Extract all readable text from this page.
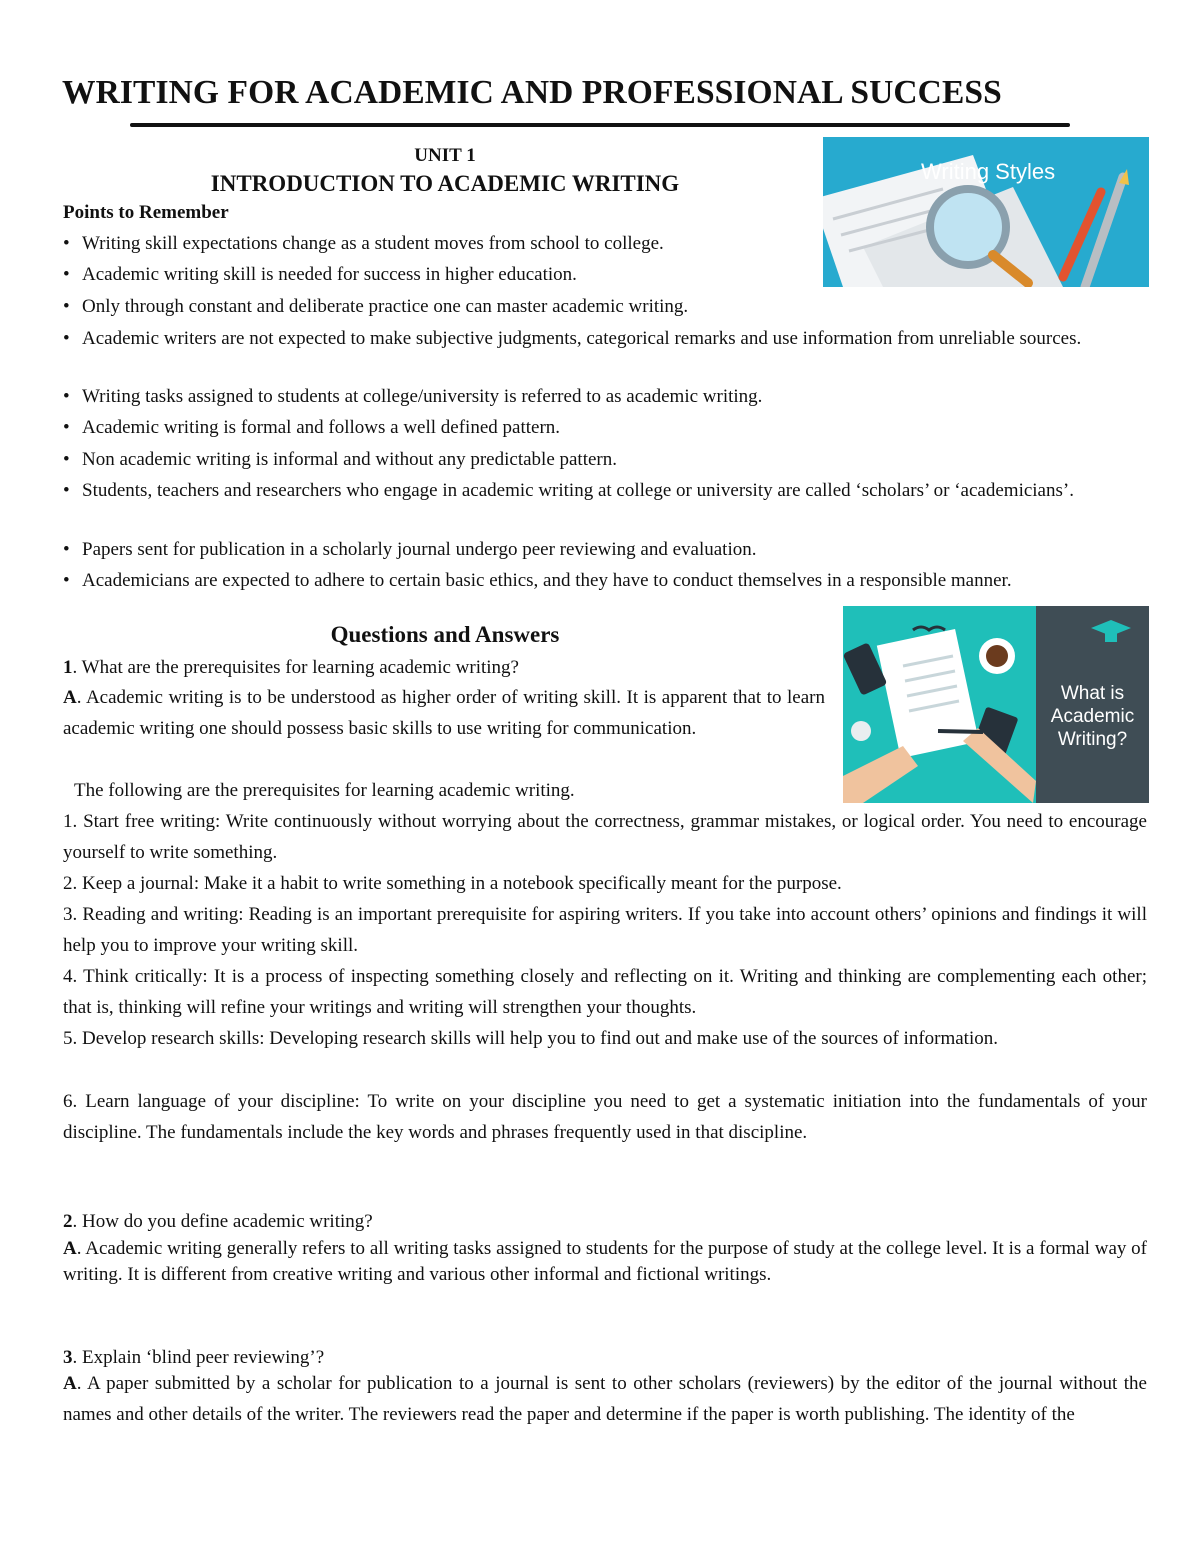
WRITING FOR ACADEMIC AND PROFESSIONAL SUCCESS
UNIT 1
INTRODUCTION TO ACADEMIC WRITING
Points to Remember
• Writing skill expectations change as a student moves from school to college.
• Academic writing skill is needed for success in higher education.
• Only through constant and deliberate practice one can master academic writing.
• Academic writers are not expected to make subjective judgments, categorical remarks and use information from unreliable sources.
• Writing tasks assigned to students at college/university is referred to as academic writing.
• Academic writing is formal and follows a well defined pattern.
• Non academic writing is informal and without any predictable pattern.
• Students, teachers and researchers who engage in academic writing at college or university are called ‘scholars’ or ‘academicians’.
• Papers sent for publication in a scholarly journal undergo peer reviewing and evaluation.
• Academicians are expected to adhere to certain basic ethics, and they have to conduct themselves in a responsible manner.
Questions and Answers
1. What are the prerequisites for learning academic writing?
A. Academic writing is to be understood as higher order of writing skill. It is apparent that to learn academic writing one should possess basic skills to use writing for communication.
The following are the prerequisites for learning academic writing.
1. Start free writing: Write continuously without worrying about the correctness, grammar mistakes, or logical order. You need to encourage yourself to write something.
2. Keep a journal: Make it a habit to write something in a notebook specifically meant for the purpose.
3. Reading and writing: Reading is an important prerequisite for aspiring writers. If you take into account others’ opinions and findings it will help you to improve your writing skill.
4. Think critically: It is a process of inspecting something closely and reflecting on it. Writing and thinking are complementing each other; that is, thinking will refine your writings and writing will strengthen your thoughts.
5. Develop research skills: Developing research skills will help you to find out and make use of the sources of information.
6. Learn language of your discipline: To write on your discipline you need to get a systematic initiation into the fundamentals of your discipline. The fundamentals include the key words and phrases frequently used in that discipline.
2. How do you define academic writing?
A. Academic writing generally refers to all writing tasks assigned to students for the purpose of study at the college level. It is a formal way of writing. It is different from creative writing and various other informal and fictional writings.
3. Explain ‘blind peer reviewing’?
A. A paper submitted by a scholar for publication to a journal is sent to other scholars (reviewers) by the editor of the journal without the names and other details of the writer. The reviewers read the paper and determine if the paper is worth publishing. The identity of the
Writing Styles
What is
Academic
Writing?
